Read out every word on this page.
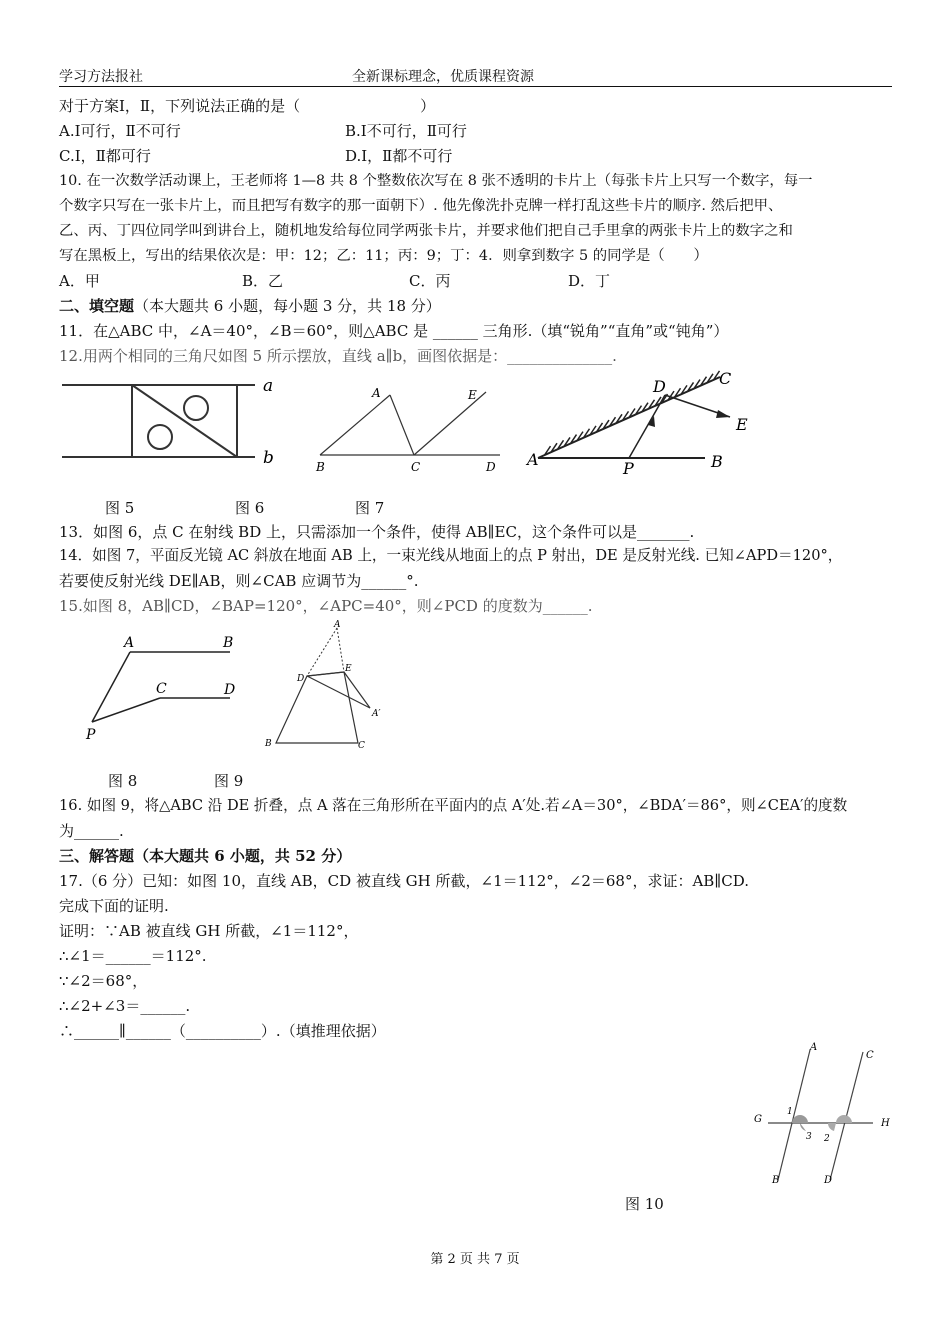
学习方法报社	全新课标理念，优质课程资源
对于方案Ⅰ，Ⅱ，下列说法正确的是（　　　　　　　　）
A.Ⅰ可行，Ⅱ不可行	B.Ⅰ不可行，Ⅱ可行
C.Ⅰ，Ⅱ都可行	D.Ⅰ，Ⅱ都不可行
10. 在一次数学活动课上，王老师将 1—8 共 8 个整数依次写在 8 张不透明的卡片上（每张卡片上只写一个数字，每一
个数字只写在一张卡片上，而且把写有数字的那一面朝下）. 他先像洗扑克牌一样打乱这些卡片的顺序. 然后把甲、
乙、丙、丁四位同学叫到讲台上，随机地发给每位同学两张卡片，并要求他们把自己手里拿的两张卡片上的数字之和
写在黑板上，写出的结果依次是：甲：12；乙：11；丙：9；丁：4．则拿到数字 5 的同学是（　　）
A．甲	B．乙	C．丙	D．丁
二、填空题（本大题共 6 小题，每小题 3 分，共 18 分）
11．在△ABC 中，∠A＝40°，∠B＝60°，则△ABC 是 ______ 三角形.（填“锐角”“直角”或“钝角”）
12.用两个相同的三角尺如图 5 所示摆放，直线 a∥b，画图依据是：______________.
a
b
A
B	C	D
E
A	B
C
D
E
P
图 5	图 6	图 7
13．如图 6，点 C 在射线 BD 上，只需添加一个条件，使得 AB∥EC，这个条件可以是_______.
14．如图 7，平面反光镜 AC 斜放在地面 AB 上，一束光线从地面上的点 P 射出，DE 是反射光线. 已知∠APD＝120°，
若要使反射光线 DE∥AB，则∠CAB 应调节为______°.
15.如图 8，AB∥CD，∠BAP=120°，∠APC=40°，则∠PCD 的度数为______.
A	B
C	D
P
A
B	C
D
E
A′
图 8	图 9
16. 如图 9，将△ABC 沿 DE 折叠，点 A 落在三角形所在平面内的点 A′处.若∠A＝30°，∠BDA′＝86°，则∠CEA′的度数
为______.
三、解答题（本大题共 6 小题，共 52 分）
17.（6 分）已知：如图 10，直线 AB，CD 被直线 GH 所截，∠1＝112°，∠2＝68°，求证：AB∥CD.
完成下面的证明.
证明：∵AB 被直线 GH 所截，∠1＝112°，
∴∠1＝______＝112°.
∵∠2＝68°，
∴∠2+∠3＝______.
∴______∥______（__________）.（填推理依据）
A
B
C
D
G	H
1
2
3
图 10
第 2 页 共 7 页
